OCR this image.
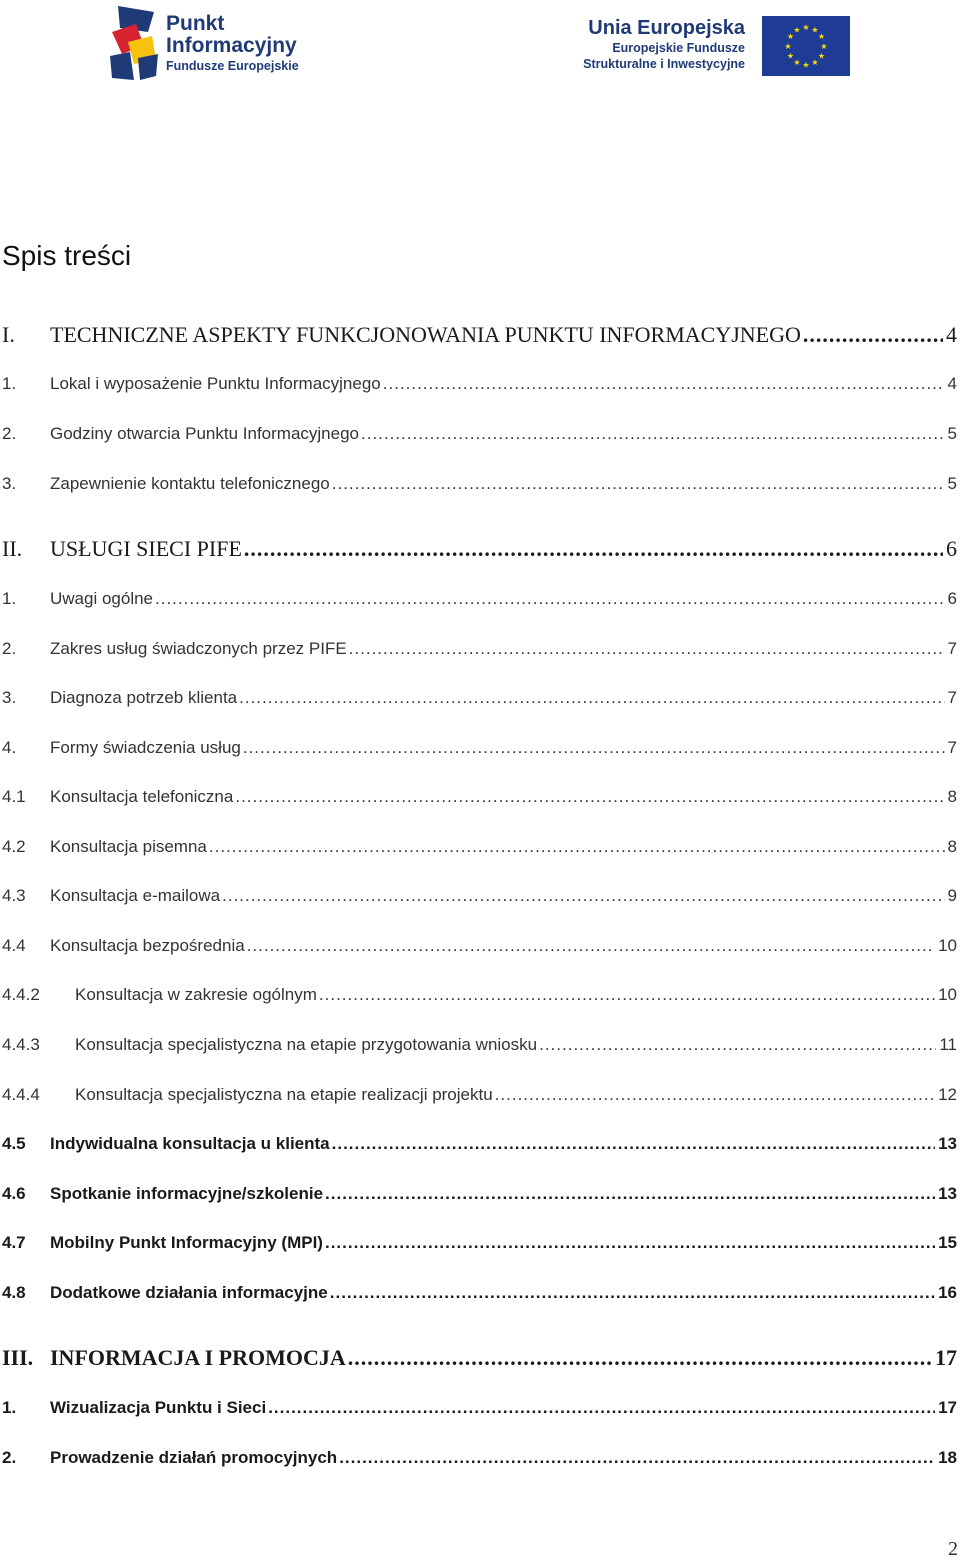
Punkt
Informacyjny
Fundusze Europejskie
Unia Europejska
Europejskie Fundusze
Strukturalne i Inwestycyjne
★ ★
★
★
★
★
★
★
★
★
★
★
Spis treści
I.	TECHNICZNE ASPEKTY FUNKCJONOWANIA PUNKTU INFORMACYJNEGO .....	4
1.	Lokal i wyposażenie Punktu Informacyjnego .....	4
2.	Godziny otwarcia Punktu Informacyjnego .....	5
3.	Zapewnienie kontaktu telefonicznego .....	5
II.	USŁUGI SIECI PIFE .....	6
1.	Uwagi ogólne .....	6
2.	Zakres usług świadczonych przez PIFE .....	7
3.	Diagnoza potrzeb klienta .....	7
4.	Formy świadczenia usług .....	7
4.1	Konsultacja telefoniczna .....	8
4.2	Konsultacja pisemna .....	8
4.3	Konsultacja e-mailowa .....	9
4.4	Konsultacja bezpośrednia .....	10
4.4.2	Konsultacja w zakresie ogólnym .....	10
4.4.3	Konsultacja specjalistyczna na etapie przygotowania wniosku .....	11
4.4.4	Konsultacja specjalistyczna na etapie realizacji projektu .....	12
4.5	Indywidualna konsultacja u klienta .....	13
4.6	Spotkanie informacyjne/szkolenie .....	13
4.7	Mobilny Punkt Informacyjny (MPI) .....	15
4.8	Dodatkowe działania informacyjne .....	16
III. INFORMACJA I PROMOCJA .....	17
1.	Wizualizacja Punktu i Sieci .....	17
2.	Prowadzenie działań promocyjnych .....	18
2
